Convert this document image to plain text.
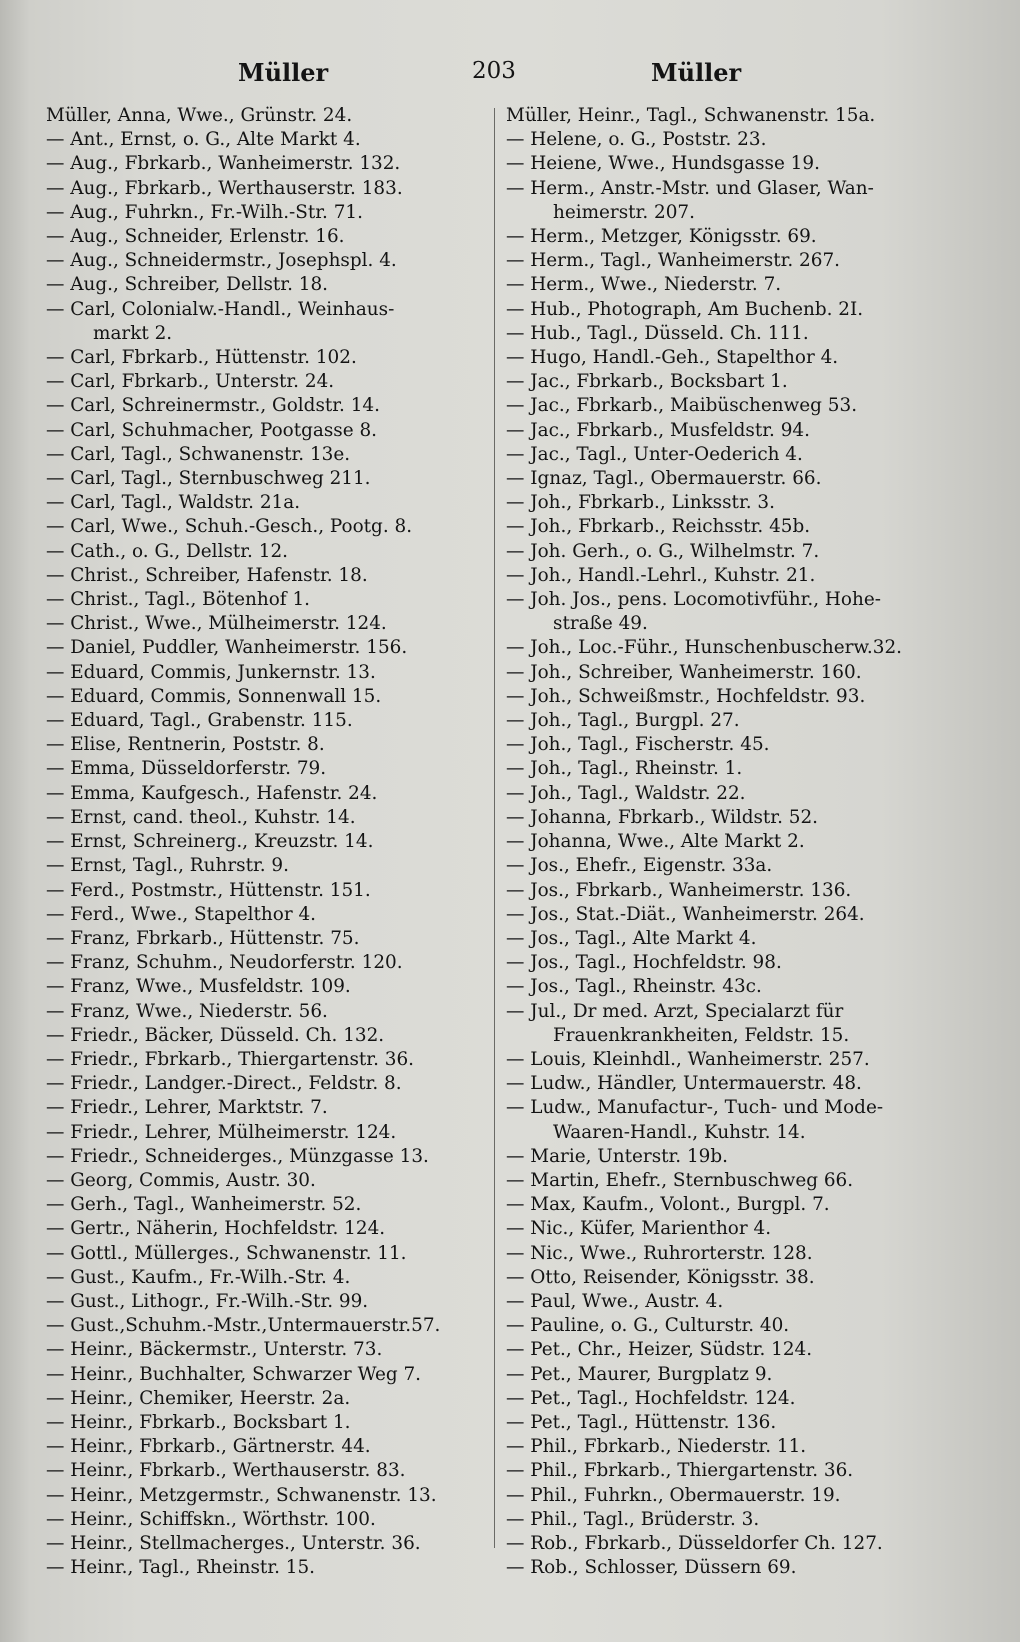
Müller	203	Müller
Müller, Anna, Wwe., Grünstr. 24.
— Ant., Ernst, o. G., Alte Markt 4.
— Aug., Fbrkarb., Wanheimerstr. 132.
— Aug., Fbrkarb., Werthauserstr. 183.
— Aug., Fuhrkn., Fr.-Wilh.-Str. 71.
— Aug., Schneider, Erlenstr. 16.
— Aug., Schneidermstr., Josephspl. 4.
— Aug., Schreiber, Dellstr. 18.
— Carl, Colonialw.-Handl., Weinhaus-
markt 2.
— Carl, Fbrkarb., Hüttenstr. 102.
— Carl, Fbrkarb., Unterstr. 24.
— Carl, Schreinermstr., Goldstr. 14.
— Carl, Schuhmacher, Pootgasse 8.
— Carl, Tagl., Schwanenstr. 13e.
— Carl, Tagl., Sternbuschweg 211.
— Carl, Tagl., Waldstr. 21a.
— Carl, Wwe., Schuh.-Gesch., Pootg. 8.
— Cath., o. G., Dellstr. 12.
— Christ., Schreiber, Hafenstr. 18.
— Christ., Tagl., Bötenhof 1.
— Christ., Wwe., Mülheimerstr. 124.
— Daniel, Puddler, Wanheimerstr. 156.
— Eduard, Commis, Junkernstr. 13.
— Eduard, Commis, Sonnenwall 15.
— Eduard, Tagl., Grabenstr. 115.
— Elise, Rentnerin, Poststr. 8.
— Emma, Düsseldorferstr. 79.
— Emma, Kaufgesch., Hafenstr. 24.
— Ernst, cand. theol., Kuhstr. 14.
— Ernst, Schreinerg., Kreuzstr. 14.
— Ernst, Tagl., Ruhrstr. 9.
— Ferd., Postmstr., Hüttenstr. 151.
— Ferd., Wwe., Stapelthor 4.
— Franz, Fbrkarb., Hüttenstr. 75.
— Franz, Schuhm., Neudorferstr. 120.
— Franz, Wwe., Musfeldstr. 109.
— Franz, Wwe., Niederstr. 56.
— Friedr., Bäcker, Düsseld. Ch. 132.
— Friedr., Fbrkarb., Thiergartenstr. 36.
— Friedr., Landger.-Direct., Feldstr. 8.
— Friedr., Lehrer, Marktstr. 7.
— Friedr., Lehrer, Mülheimerstr. 124.
— Friedr., Schneiderges., Münzgasse 13.
— Georg, Commis, Austr. 30.
— Gerh., Tagl., Wanheimerstr. 52.
— Gertr., Näherin, Hochfeldstr. 124.
— Gottl., Müllerges., Schwanenstr. 11.
— Gust., Kaufm., Fr.-Wilh.-Str. 4.
— Gust., Lithogr., Fr.-Wilh.-Str. 99.
— Gust.,Schuhm.-Mstr.,Untermauerstr.57.
— Heinr., Bäckermstr., Unterstr. 73.
— Heinr., Buchhalter, Schwarzer Weg 7.
— Heinr., Chemiker, Heerstr. 2a.
— Heinr., Fbrkarb., Bocksbart 1.
— Heinr., Fbrkarb., Gärtnerstr. 44.
— Heinr., Fbrkarb., Werthauserstr. 83.
— Heinr., Metzgermstr., Schwanenstr. 13.
— Heinr., Schiffskn., Wörthstr. 100.
— Heinr., Stellmacherges., Unterstr. 36.
— Heinr., Tagl., Rheinstr. 15.
Müller, Heinr., Tagl., Schwanenstr. 15a.
— Helene, o. G., Poststr. 23.
— Heiene, Wwe., Hundsgasse 19.
— Herm., Anstr.-Mstr. und Glaser, Wan-
heimerstr. 207.
— Herm., Metzger, Königsstr. 69.
— Herm., Tagl., Wanheimerstr. 267.
— Herm., Wwe., Niederstr. 7.
— Hub., Photograph, Am Buchenb. 2I.
— Hub., Tagl., Düsseld. Ch. 111.
— Hugo, Handl.-Geh., Stapelthor 4.
— Jac., Fbrkarb., Bocksbart 1.
— Jac., Fbrkarb., Maibüschenweg 53.
— Jac., Fbrkarb., Musfeldstr. 94.
— Jac., Tagl., Unter-Oederich 4.
— Ignaz, Tagl., Obermauerstr. 66.
— Joh., Fbrkarb., Linksstr. 3.
— Joh., Fbrkarb., Reichsstr. 45b.
— Joh. Gerh., o. G., Wilhelmstr. 7.
— Joh., Handl.-Lehrl., Kuhstr. 21.
— Joh. Jos., pens. Locomotivführ., Hohe-
straße 49.
— Joh., Loc.-Führ., Hunschenbuscherw.32.
— Joh., Schreiber, Wanheimerstr. 160.
— Joh., Schweißmstr., Hochfeldstr. 93.
— Joh., Tagl., Burgpl. 27.
— Joh., Tagl., Fischerstr. 45.
— Joh., Tagl., Rheinstr. 1.
— Joh., Tagl., Waldstr. 22.
— Johanna, Fbrkarb., Wildstr. 52.
— Johanna, Wwe., Alte Markt 2.
— Jos., Ehefr., Eigenstr. 33a.
— Jos., Fbrkarb., Wanheimerstr. 136.
— Jos., Stat.-Diät., Wanheimerstr. 264.
— Jos., Tagl., Alte Markt 4.
— Jos., Tagl., Hochfeldstr. 98.
— Jos., Tagl., Rheinstr. 43c.
— Jul., Dr med. Arzt, Specialarzt für
Frauenkrankheiten, Feldstr. 15.
— Louis, Kleinhdl., Wanheimerstr. 257.
— Ludw., Händler, Untermauerstr. 48.
— Ludw., Manufactur-, Tuch- und Mode-
Waaren-Handl., Kuhstr. 14.
— Marie, Unterstr. 19b.
— Martin, Ehefr., Sternbuschweg 66.
— Max, Kaufm., Volont., Burgpl. 7.
— Nic., Küfer, Marienthor 4.
— Nic., Wwe., Ruhrorterstr. 128.
— Otto, Reisender, Königsstr. 38.
— Paul, Wwe., Austr. 4.
— Pauline, o. G., Culturstr. 40.
— Pet., Chr., Heizer, Südstr. 124.
— Pet., Maurer, Burgplatz 9.
— Pet., Tagl., Hochfeldstr. 124.
— Pet., Tagl., Hüttenstr. 136.
— Phil., Fbrkarb., Niederstr. 11.
— Phil., Fbrkarb., Thiergartenstr. 36.
— Phil., Fuhrkn., Obermauerstr. 19.
— Phil., Tagl., Brüderstr. 3.
— Rob., Fbrkarb., Düsseldorfer Ch. 127.
— Rob., Schlosser, Düssern 69.
